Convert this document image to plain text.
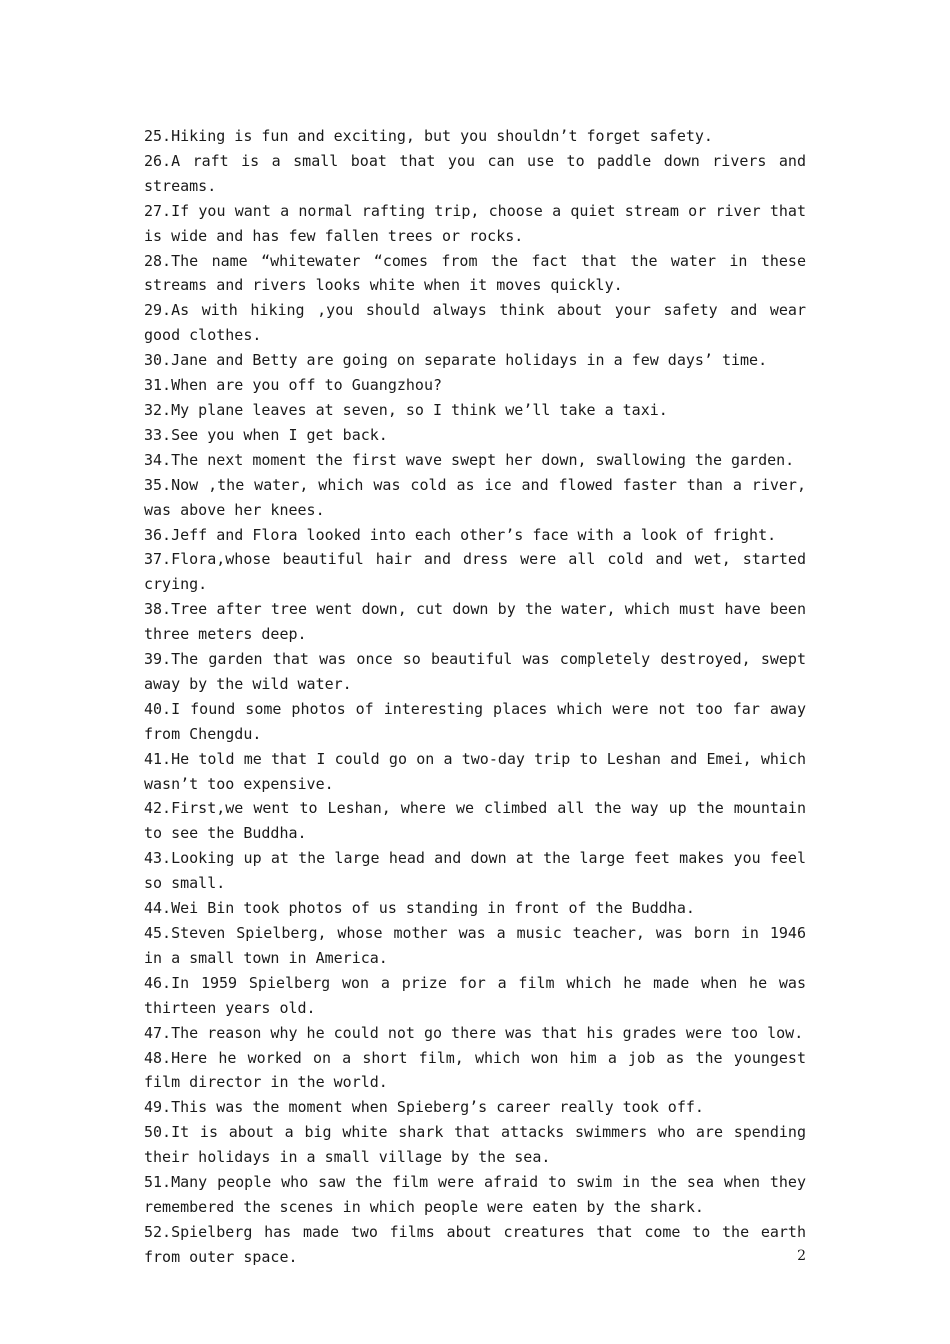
25.Hiking is fun and exciting, but you shouldn’t forget safety.

26.A raft is a small boat that you can use to paddle down rivers and streams.

27.If you want a normal rafting trip, choose a quiet stream or river that is wide and has few fallen trees or rocks.

28.The name “whitewater “comes from the fact that the water in these streams and rivers looks white when it moves quickly.

29.As with hiking ,you should always think about your safety and wear good clothes.

30.Jane and Betty are going on separate holidays in a few days’ time.

31.When are you off to Guangzhou?

32.My plane leaves at seven, so I think we’ll take a taxi.

33.See you when I get back.

34.The next moment the first wave swept her down, swallowing the garden.

35.Now ,the water, which was cold as ice and flowed faster than a river, was above her knees.

36.Jeff and Flora looked into each other’s face with a look of fright.

37.Flora,whose beautiful hair and dress were all cold and wet, started crying.

38.Tree after tree went down, cut down by the water, which must have been three meters deep.

39.The garden that was once so beautiful was completely destroyed, swept away by the wild water.

40.I found some photos of interesting places which were not too far away from Chengdu.

41.He told me that I could go on a two-day trip to Leshan and Emei, which wasn’t too expensive.

42.First,we went to Leshan, where we climbed all the way up the mountain to see the Buddha.

43.Looking up at the large head and down at the large feet makes you feel so small.

44.Wei Bin took photos of us standing in front of the Buddha.

45.Steven Spielberg, whose mother was a music teacher, was born in 1946 in a small town in America.

46.In 1959 Spielberg won a prize for a film which he made when he was thirteen years old.

47.The reason why he could not go there was that his grades were too low.

48.Here he worked on a short film, which won him a job as the youngest film director in the world.

49.This was the moment when Spieberg’s career really took off.

50.It is about a big white shark that attacks swimmers who are spending their holidays in a small village by the sea.

51.Many people who saw the film were afraid to swim in the sea when they remembered the scenes in which people were eaten by the shark.

52.Spielberg has made two films about creatures that come to the earth from outer space.	2
